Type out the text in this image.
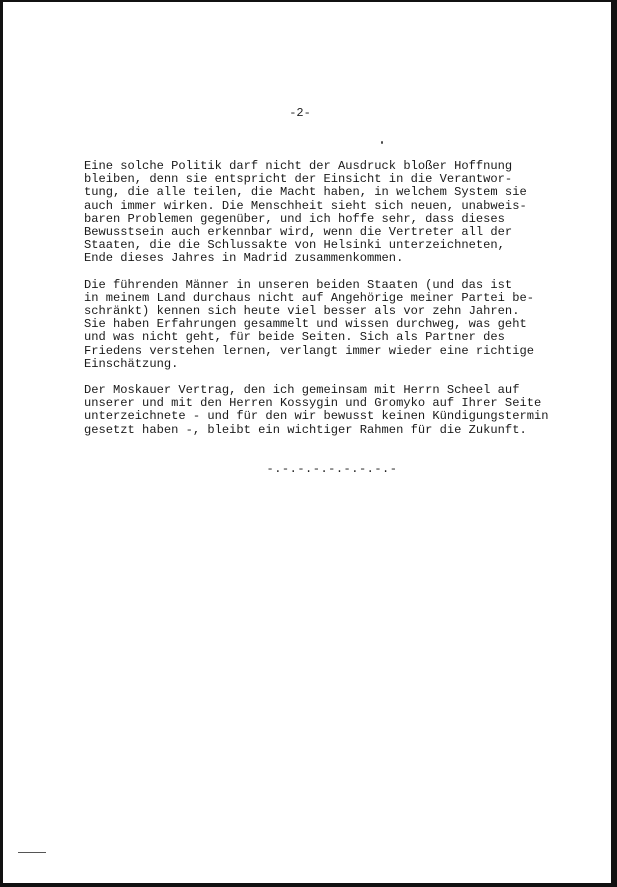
-2-
Eine solche Politik darf nicht der Ausdruck bloßer Hoffnung
bleiben, denn sie entspricht der Einsicht in die Verantwor-
tung, die alle teilen, die Macht haben, in welchem System sie
auch immer wirken. Die Menschheit sieht sich neuen, unabweis-
baren Problemen gegenüber, und ich hoffe sehr, dass dieses
Bewusstsein auch erkennbar wird, wenn die Vertreter all der
Staaten, die die Schlussakte von Helsinki unterzeichneten,
Ende dieses Jahres in Madrid zusammenkommen.
Die führenden Männer in unseren beiden Staaten (und das ist
in meinem Land durchaus nicht auf Angehörige meiner Partei be-
schränkt) kennen sich heute viel besser als vor zehn Jahren.
Sie haben Erfahrungen gesammelt und wissen durchweg, was geht
und was nicht geht, für beide Seiten. Sich als Partner des
Friedens verstehen lernen, verlangt immer wieder eine richtige
Einschätzung.
Der Moskauer Vertrag, den ich gemeinsam mit Herrn Scheel auf
unserer und mit den Herren Kossygin und Gromyko auf Ihrer Seite
unterzeichnete - und für den wir bewusst keinen Kündigungstermin
gesetzt haben -, bleibt ein wichtiger Rahmen für die Zukunft.
-.-.-.-.-.-.-.-.-
